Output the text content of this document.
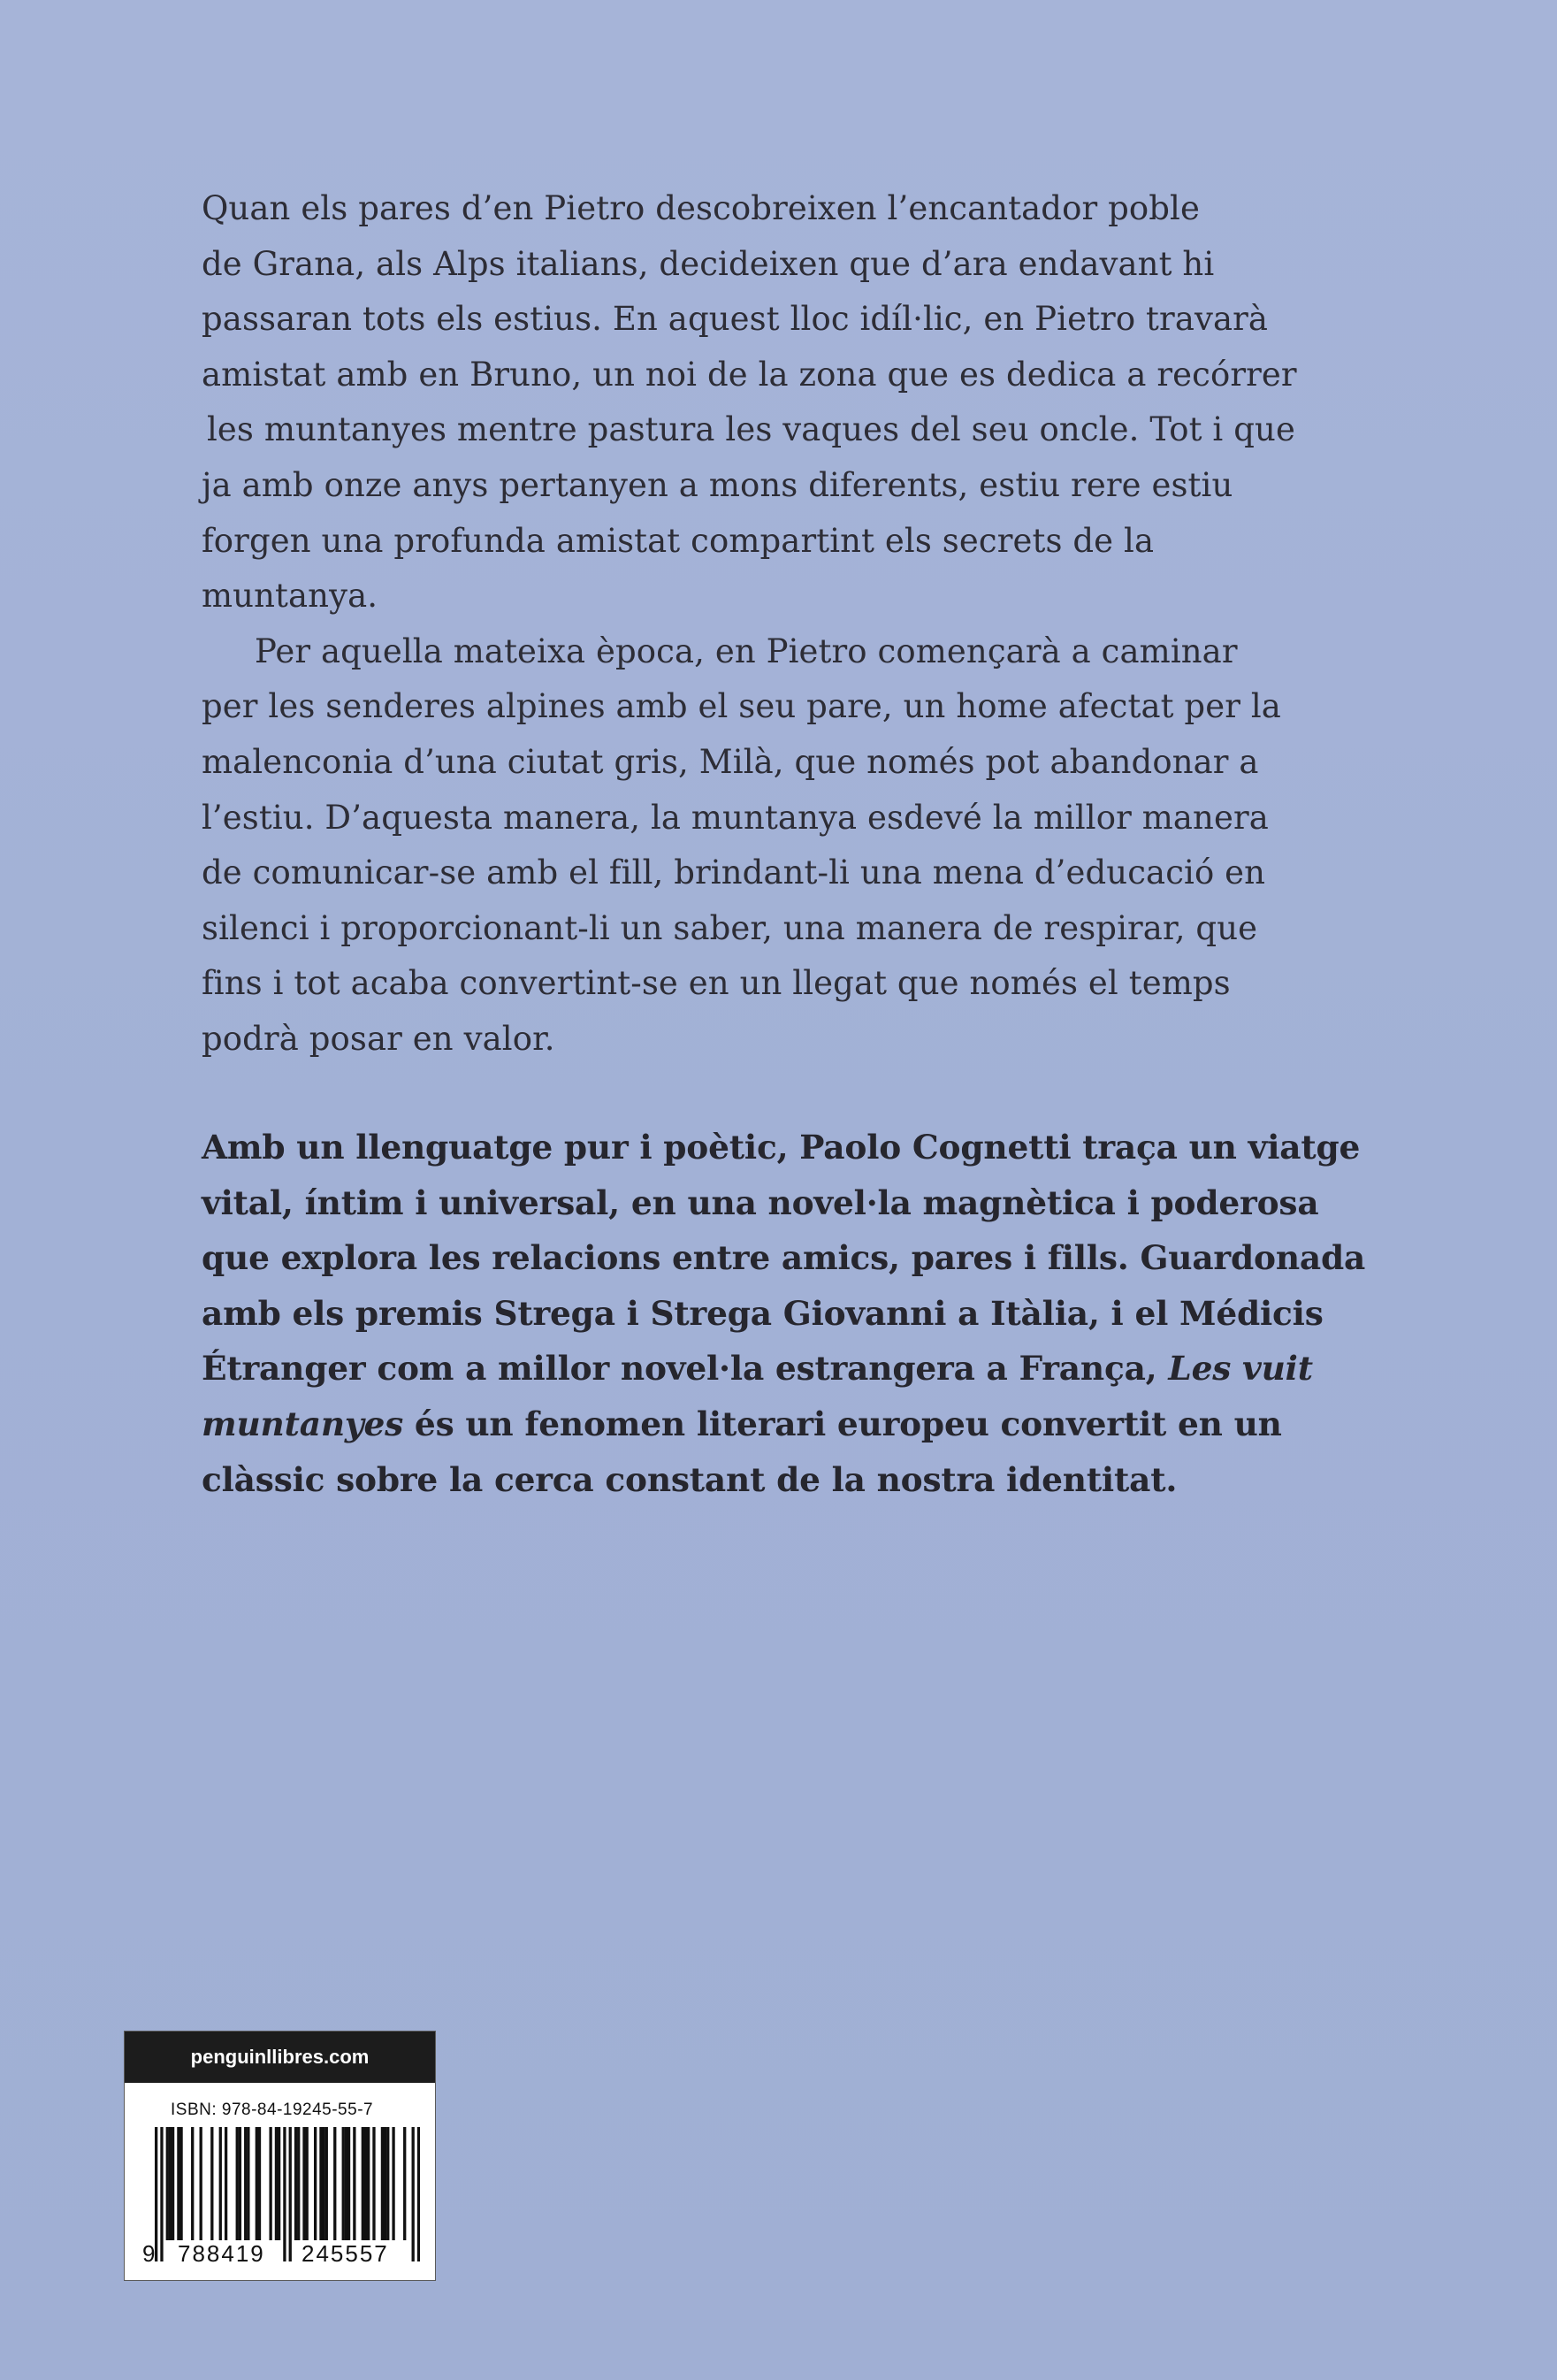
Quan els pares d’en Pietro descobreixen l’encantador poble
de Grana, als Alps italians, decideixen que d’ara endavant hi
passaran tots els estius. En aquest lloc idíl·lic, en Pietro travarà
amistat amb en Bruno, un noi de la zona que es dedica a recórrer
les muntanyes mentre pastura les vaques del seu oncle. Tot i que
ja amb onze anys pertanyen a mons diferents, estiu rere estiu
forgen una profunda amistat compartint els secrets de la
muntanya.
Per aquella mateixa època, en Pietro començarà a caminar
per les senderes alpines amb el seu pare, un home afectat per la
malenconia d’una ciutat gris, Milà, que només pot abandonar a
l’estiu. D’aquesta manera, la muntanya esdevé la millor manera
de comunicar-se amb el fill, brindant-li una mena d’educació en
silenci i proporcionant-li un saber, una manera de respirar, que
fins i tot acaba convertint-se en un llegat que només el temps
podrà posar en valor.
Amb un llenguatge pur i poètic, Paolo Cognetti traça un viatge
vital, íntim i universal, en una novel·la magnètica i poderosa
que explora les relacions entre amics, pares i fills. Guardonada
amb els premis Strega i Strega Giovanni a Itàlia, i el Médicis
Étranger com a millor novel·la estrangera a França, Les vuit
muntanyes és un fenomen literari europeu convertit en un
clàssic sobre la cerca constant de la nostra identitat.
penguinllibres.com
ISBN: 978-84-19245-55-7
9 788419 245557
